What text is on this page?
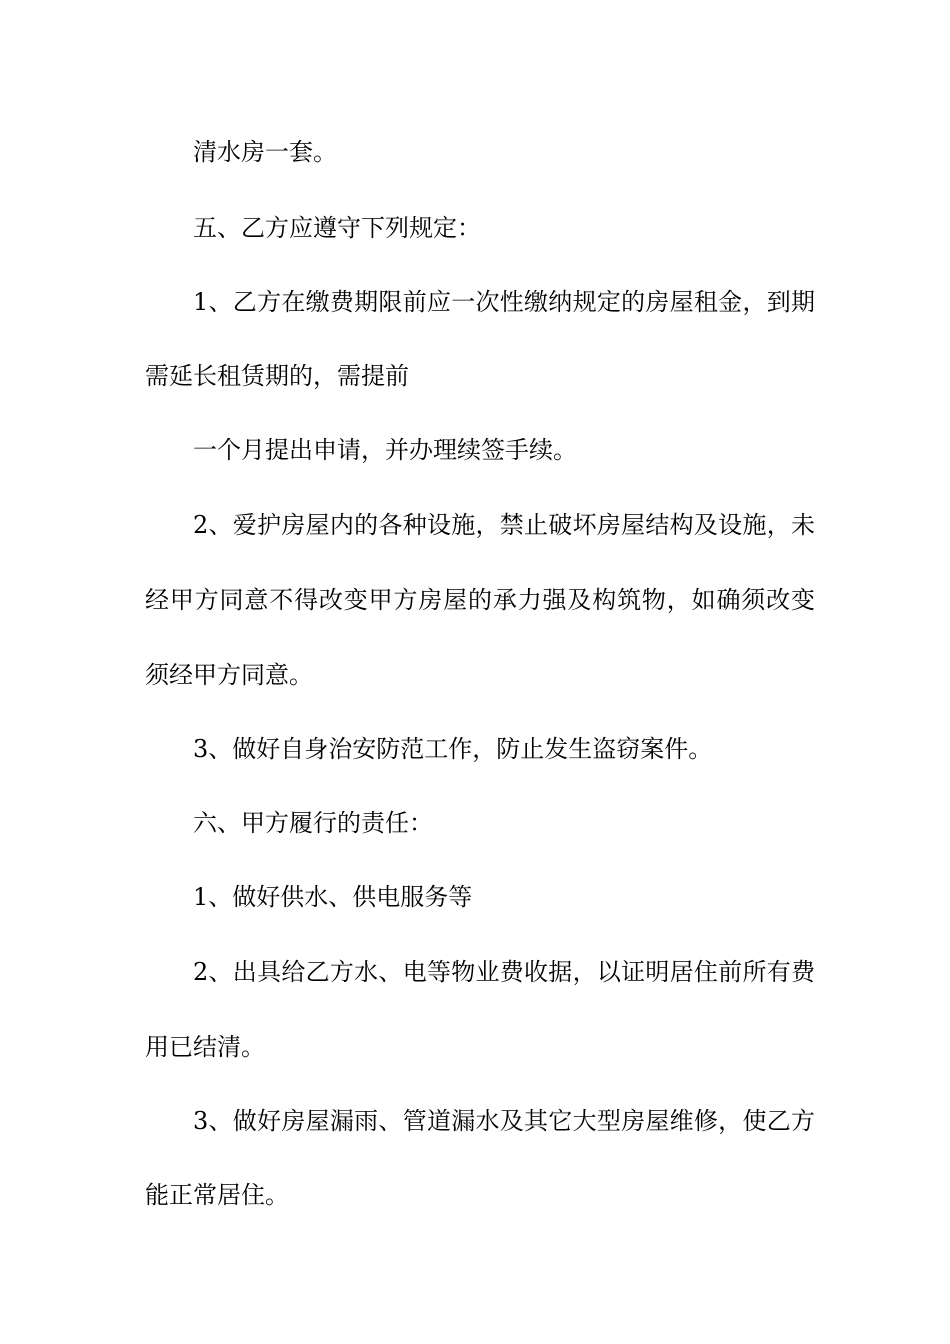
清水房一套。
五、乙方应遵守下列规定：
1、乙方在缴费期限前应一次性缴纳规定的房屋租金，到期
需延长租赁期的，需提前
一个月提出申请，并办理续签手续。
2、爱护房屋内的各种设施，禁止破坏房屋结构及设施，未
经甲方同意不得改变甲方房屋的承力强及构筑物，如确须改变
须经甲方同意。
3、做好自身治安防范工作，防止发生盗窃案件。
六、甲方履行的责任：
1、做好供水、供电服务等
2、出具给乙方水、电等物业费收据，以证明居住前所有费
用已结清。
3、做好房屋漏雨、管道漏水及其它大型房屋维修，使乙方
能正常居住。
